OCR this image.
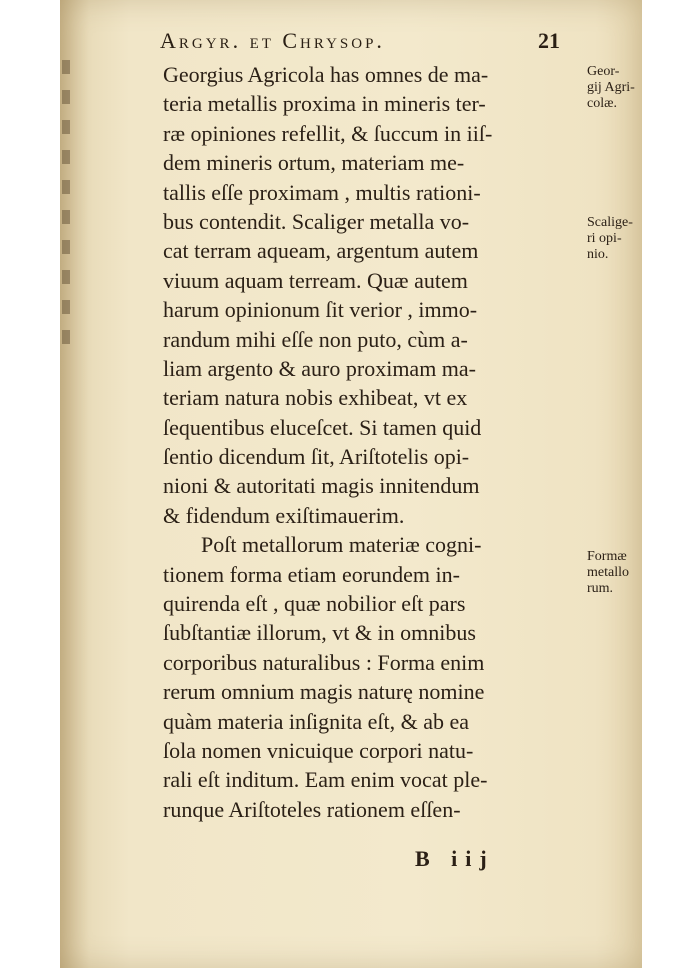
Argyr. et Chrysop.	21
Georgius Agricola has omnes de ma-
teria metallis proxima in mineris ter-
ræ opiniones refellit, & ſuccum in iiſ-
dem mineris ortum, materiam me-
tallis eſſe proximam , multis rationi-
bus contendit. Scaliger metalla vo-
cat terram aqueam, argentum autem
viuum aquam terream. Quæ autem
harum opinionum ſit verior , immo-
randum mihi eſſe non puto, cùm a-
liam argento & auro proximam ma-
teriam natura nobis exhibeat, vt ex
ſequentibus eluceſcet. Si tamen quid
ſentio dicendum ſit, Ariſtotelis opi-
nioni & autoritati magis innitendum
& fidendum exiſtimauerim.
Poſt metallorum materiæ cogni-
tionem forma etiam eorundem in-
quirenda eſt , quæ nobilior eſt pars
ſubſtantiæ illorum, vt & in omnibus
corporibus naturalibus : Forma enim
rerum omnium magis naturę nomine
quàm materia inſignita eſt, & ab ea
ſola nomen vnicuique corpori natu-
rali eſt inditum. Eam enim vocat ple-
runque Ariſtoteles rationem eſſen-
Geor-
gij Agri-
colæ.
Scalige-
ri opi-
nio.
Formæ
metallo
rum.
B iij
